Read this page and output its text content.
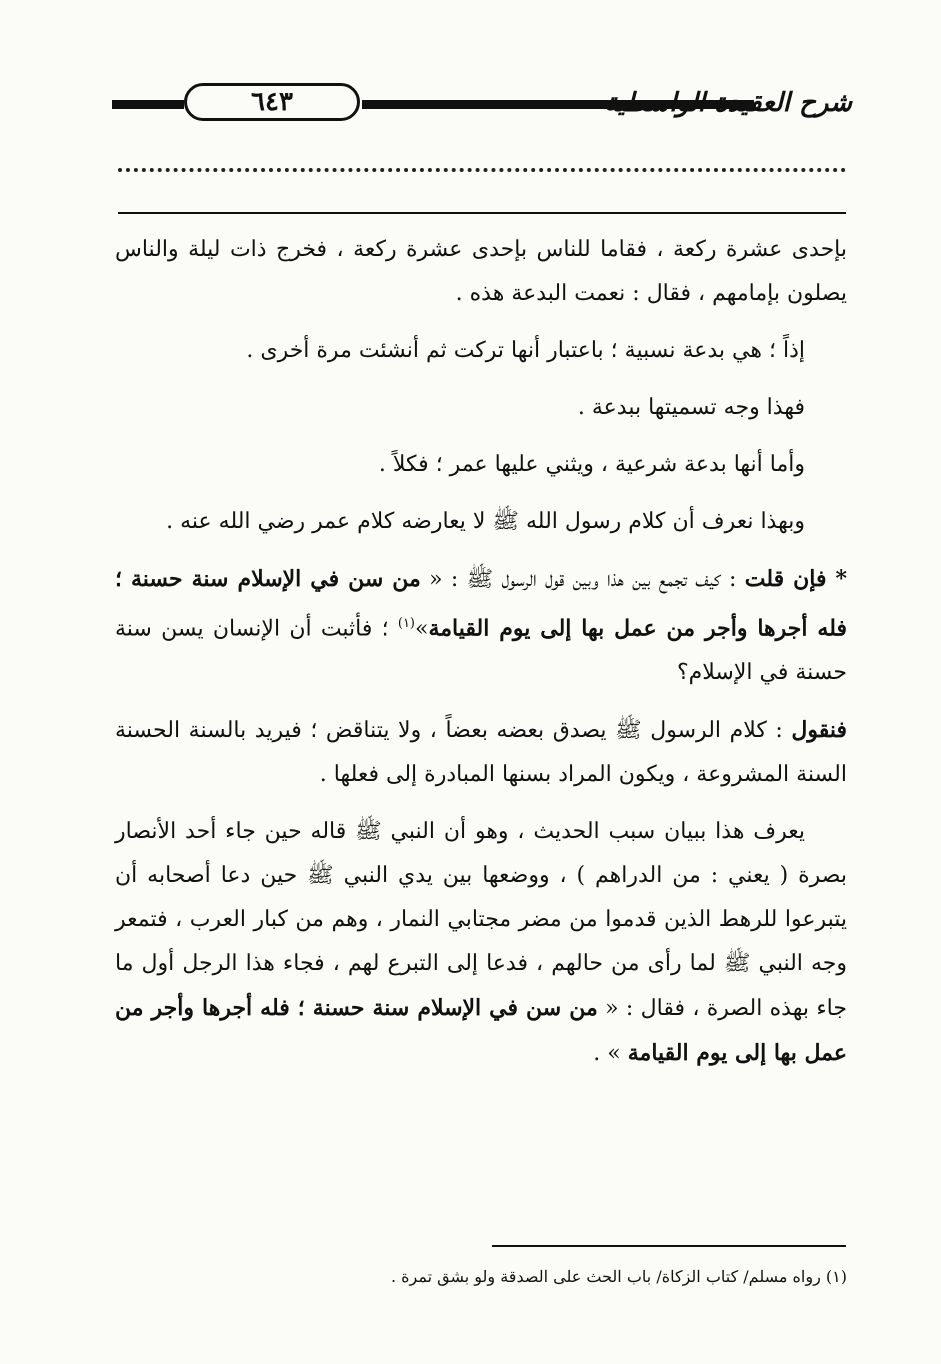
٦٤٣	شرح العقيدة الواسطية

بإحدى عشرة ركعة ، فقاما للناس بإحدى عشرة ركعة ، فخرج ذات ليلة والناس يصلون بإمامهم ، فقال : نعمت البدعة هذه .

إذاً ؛ هي بدعة نسبية ؛ باعتبار أنها تركت ثم أنشئت مرة أخرى .

فهذا وجه تسميتها ببدعة .

وأما أنها بدعة شرعية ، ويثني عليها عمر ؛ فكلاً .

وبهذا نعرف أن كلام رسول الله ﷺ لا يعارضه كلام عمر رضي الله عنه .

* فإن قلت : كيف تجمع بين هذا وبين قول الرسول ﷺ : « من سن في الإسلام سنة حسنة ؛ فله أجرها وأجر من عمل بها إلى يوم القيامة»$^{(١)}$ ؛ فأثبت أن الإنسان يسن سنة حسنة في الإسلام؟

فنقول : كلام الرسول ﷺ يصدق بعضه بعضاً ، ولا يتناقض ؛ فيريد بالسنة الحسنة السنة المشروعة ، ويكون المراد بسنها المبادرة إلى فعلها .

يعرف هذا ببيان سبب الحديث ، وهو أن النبي ﷺ قاله حين جاء أحد الأنصار بصرة ( يعني : من الدراهم ) ، ووضعها بين يدي النبي ﷺ حين دعا أصحابه أن يتبرعوا للرهط الذين قدموا من مضر مجتابي النمار ، وهم من كبار العرب ، فتمعر وجه النبي ﷺ لما رأى من حالهم ، فدعا إلى التبرع لهم ، فجاء هذا الرجل أول ما جاء بهذه الصرة ، فقال : « من سن في الإسلام سنة حسنة ؛ فله أجرها وأجر من عمل بها إلى يوم القيامة » .

(١) رواه مسلم/ كتاب الزكاة/ باب الحث على الصدقة ولو بشق تمرة .
